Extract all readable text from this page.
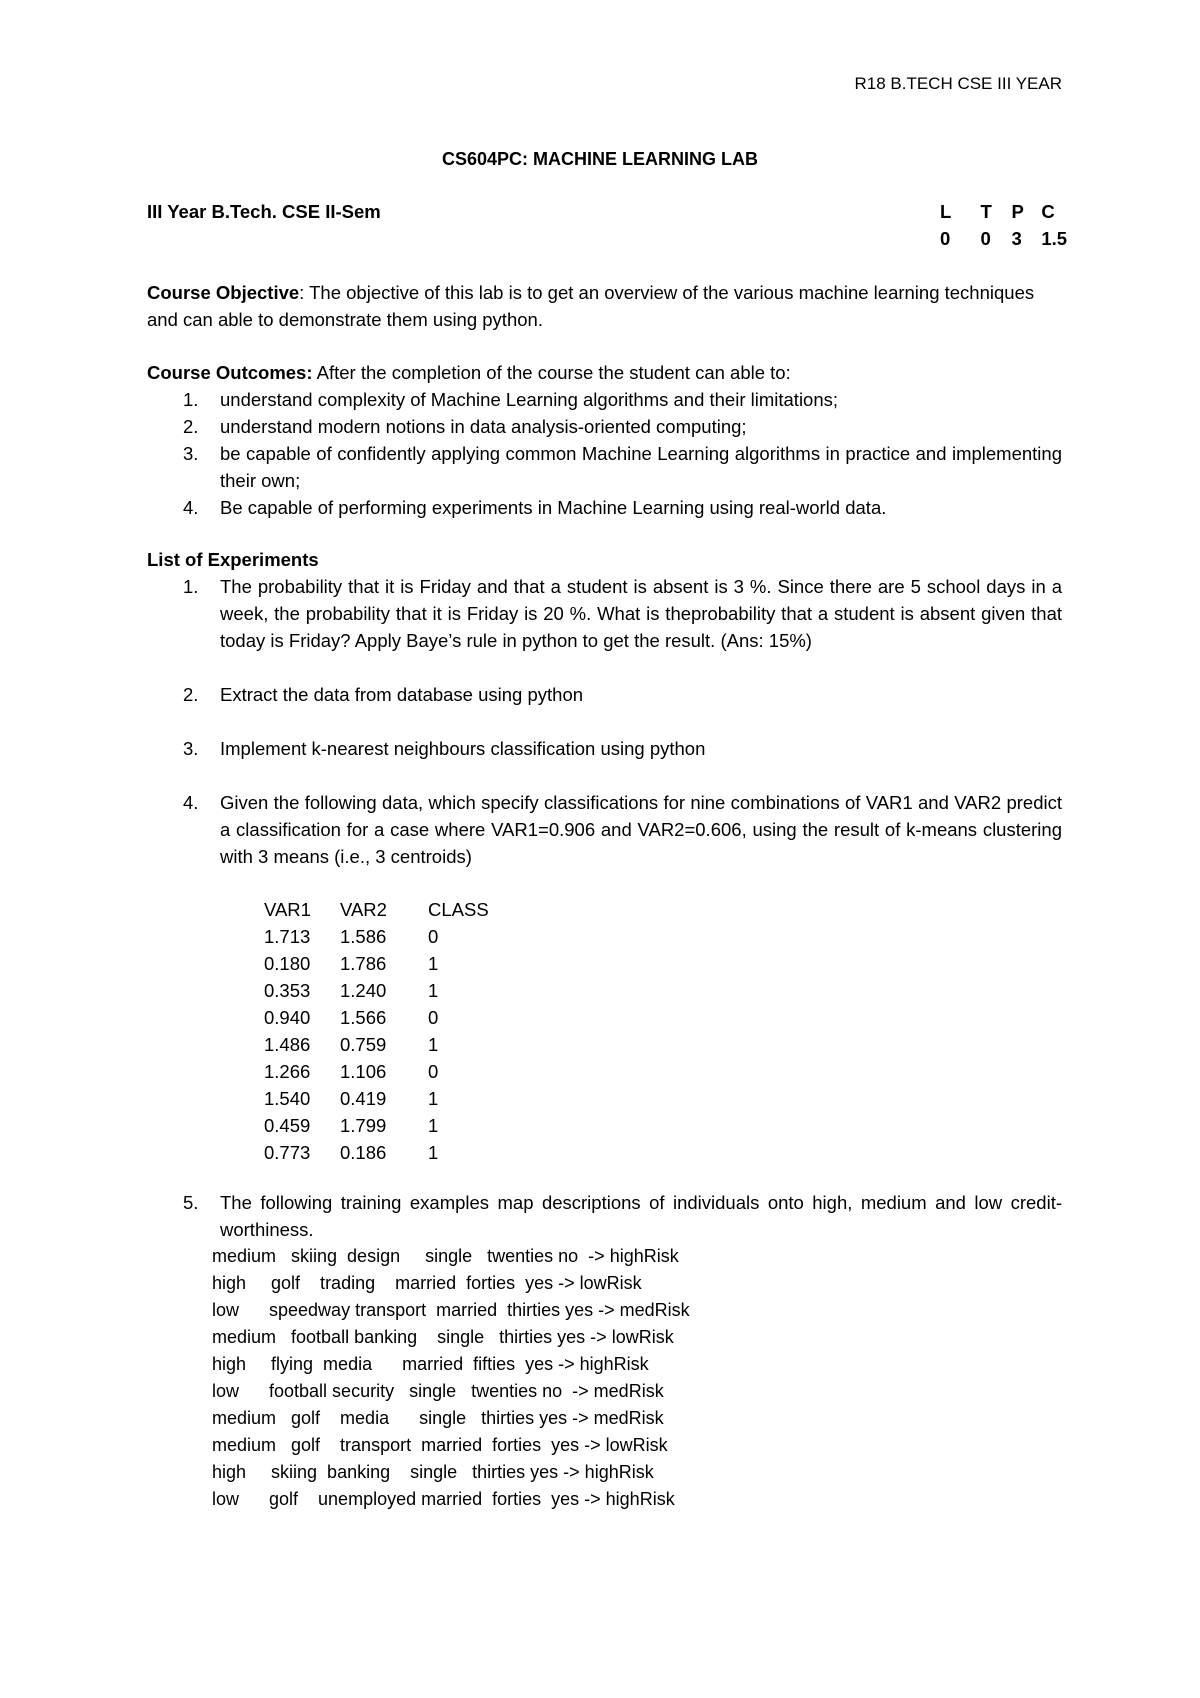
R18 B.TECH CSE III YEAR
CS604PC: MACHINE LEARNING LAB
III Year B.Tech. CSE II-Sem	L	T	P C
0	0	3	1.5
Course Objective: The objective of this lab is to get an overview of the various machine learning techniques and can able to demonstrate them using python.
Course Outcomes: After the completion of the course the student can able to:
1. understand complexity of Machine Learning algorithms and their limitations;
2. understand modern notions in data analysis-oriented computing;
3. be capable of confidently applying common Machine Learning algorithms in practice and implementing their own;
4. Be capable of performing experiments in Machine Learning using real-world data.
List of Experiments
1. The probability that it is Friday and that a student is absent is 3 %. Since there are 5 school days in a week, the probability that it is Friday is 20 %. What is theprobability that a student is absent given that today is Friday? Apply Baye’s rule in python to get the result. (Ans: 15%)
2. Extract the data from database using python
3. Implement k-nearest neighbours classification using python
4. Given the following data, which specify classifications for nine combinations of VAR1 and VAR2 predict a classification for a case where VAR1=0.906 and VAR2=0.606, using the result of k-means clustering with 3 means (i.e., 3 centroids)
VAR1	VAR2	CLASS
1.713	1.586	0
0.180	1.786	1
0.353	1.240	1
0.940	1.566	0
1.486	0.759	1
1.266	1.106	0
1.540	0.419	1
0.459	1.799	1
0.773	0.186	1
5. The following training examples map descriptions of individuals onto high, medium and low credit-worthiness.
medium   skiing  design     single   twenties no  -> highRisk
high     golf    trading    married  forties  yes -> lowRisk
low      speedway transport  married  thirties yes -> medRisk
medium   football banking    single   thirties yes -> lowRisk
high     flying  media      married  fifties  yes -> highRisk
low      football security   single   twenties no  -> medRisk
medium   golf    media      single   thirties yes -> medRisk
medium   golf    transport  married  forties  yes -> lowRisk
high     skiing  banking    single   thirties yes -> highRisk
low      golf    unemployed married  forties  yes -> highRisk
